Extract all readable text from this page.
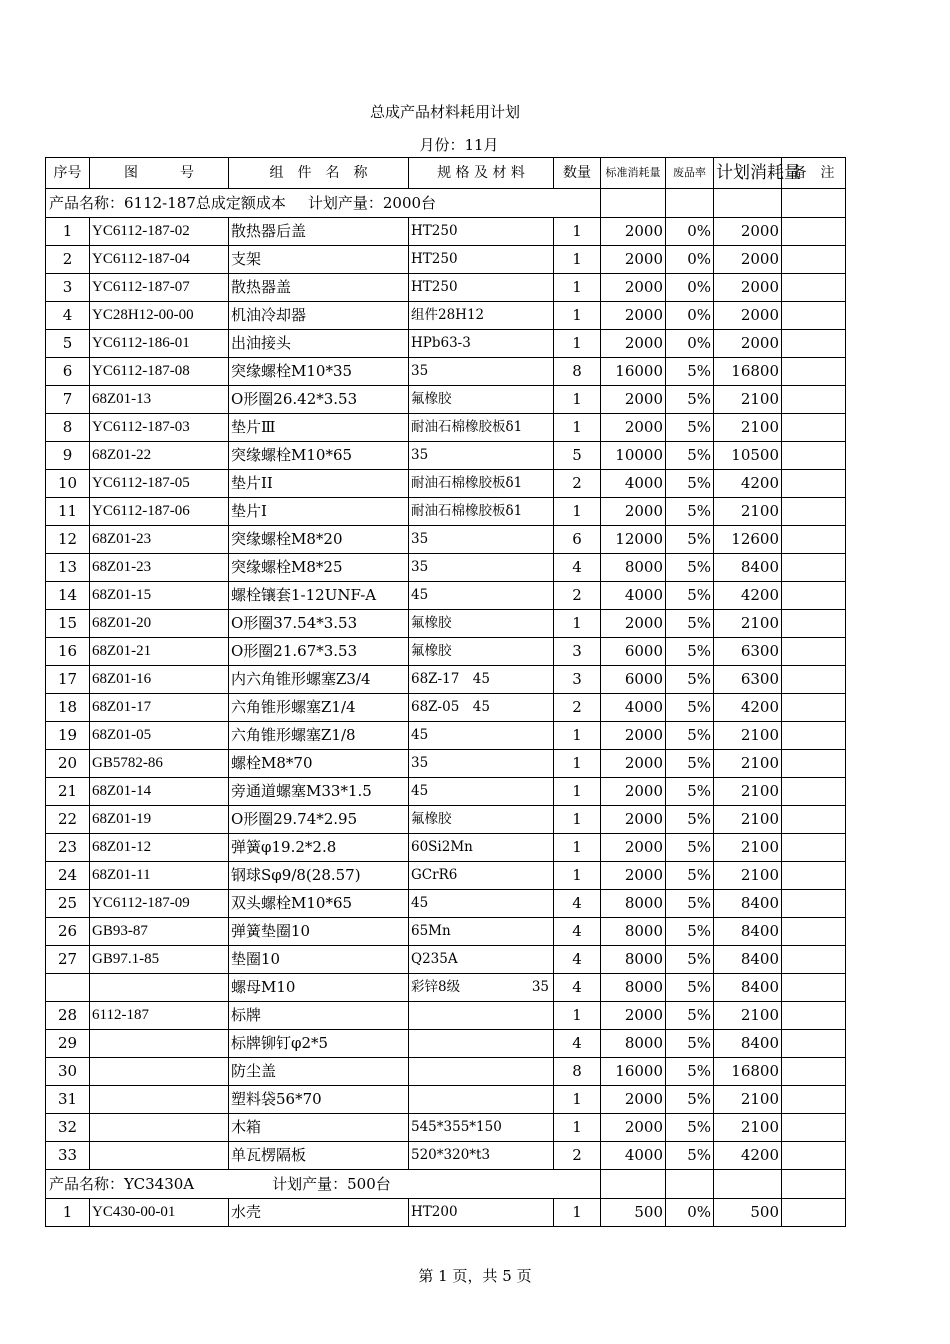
总成产品材料耗用计划
月份：11月
序号	图　　　号	组　件　名　称	规 格 及 材 料	数量	标准消耗量	废品率	计划消耗量	备　注
产品名称：6112-187总成定额成本 计划产量：2000台								
1	YC6112-187-02	散热器后盖	HT250	1	2000	0%	2000	
2	YC6112-187-04	支架	HT250	1	2000	0%	2000	
3	YC6112-187-07	散热器盖	HT250	1	2000	0%	2000	
4	YC28H12-00-00	机油冷却器	组件28H12	1	2000	0%	2000	
5	YC6112-186-01	出油接头	HPb63-3	1	2000	0%	2000	
6	YC6112-187-08	突缘螺栓M10*35	35	8	16000	5%	16800	
7	68Z01-13	O形圈26.42*3.53	氟橡胶	1	2000	5%	2100	
8	YC6112-187-03	垫片Ⅲ	耐油石棉橡胶板δ1	1	2000	5%	2100	
9	68Z01-22	突缘螺栓M10*65	35	5	10000	5%	10500	
10	YC6112-187-05	垫片II	耐油石棉橡胶板δ1	2	4000	5%	4200	
11	YC6112-187-06	垫片I	耐油石棉橡胶板δ1	1	2000	5%	2100	
12	68Z01-23	突缘螺栓M8*20	35	6	12000	5%	12600	
13	68Z01-23	突缘螺栓M8*25	35	4	8000	5%	8400	
14	68Z01-15	螺栓镶套1-12UNF-A	45	2	4000	5%	4200	
15	68Z01-20	O形圈37.54*3.53	氟橡胶	1	2000	5%	2100	
16	68Z01-21	O形圈21.67*3.53	氟橡胶	3	6000	5%	6300	
17	68Z01-16	内六角锥形螺塞Z3/4	68Z-17　45	3	6000	5%	6300	
18	68Z01-17	六角锥形螺塞Z1/4	68Z-05　45	2	4000	5%	4200	
19	68Z01-05	六角锥形螺塞Z1/8	45	1	2000	5%	2100	
20	GB5782-86	螺栓M8*70	35	1	2000	5%	2100	
21	68Z01-14	旁通道螺塞M33*1.5	45	1	2000	5%	2100	
22	68Z01-19	O形圈29.74*2.95	氟橡胶	1	2000	5%	2100	
23	68Z01-12	弹簧φ19.2*2.8	60Si2Mn	1	2000	5%	2100	
24	68Z01-11	钢球Sφ9/8(28.57)	GCrR6	1	2000	5%	2100	
25	YC6112-187-09	双头螺栓M10*65	45	4	8000	5%	8400	
26	GB93-87	弹簧垫圈10	65Mn	4	8000	5%	8400	
27	GB97.1-85	垫圈10	Q235A	4	8000	5%	8400	
		螺母M10	彩锌8级 35	4	8000	5%	8400	
28	6112-187	标牌		1	2000	5%	2100	
29		标牌铆钉φ2*5		4	8000	5%	8400	
30		防尘盖		8	16000	5%	16800	
31		塑料袋56*70		1	2000	5%	2100	
32		木箱	545*355*150	1	2000	5%	2100	
33		单瓦楞隔板	520*320*t3	2	4000	5%	4200	
产品名称：YC3430A 计划产量：500台								
1	YC430-00-01	水壳	HT200	1	500	0%	500	
第 1 页，共 5 页
